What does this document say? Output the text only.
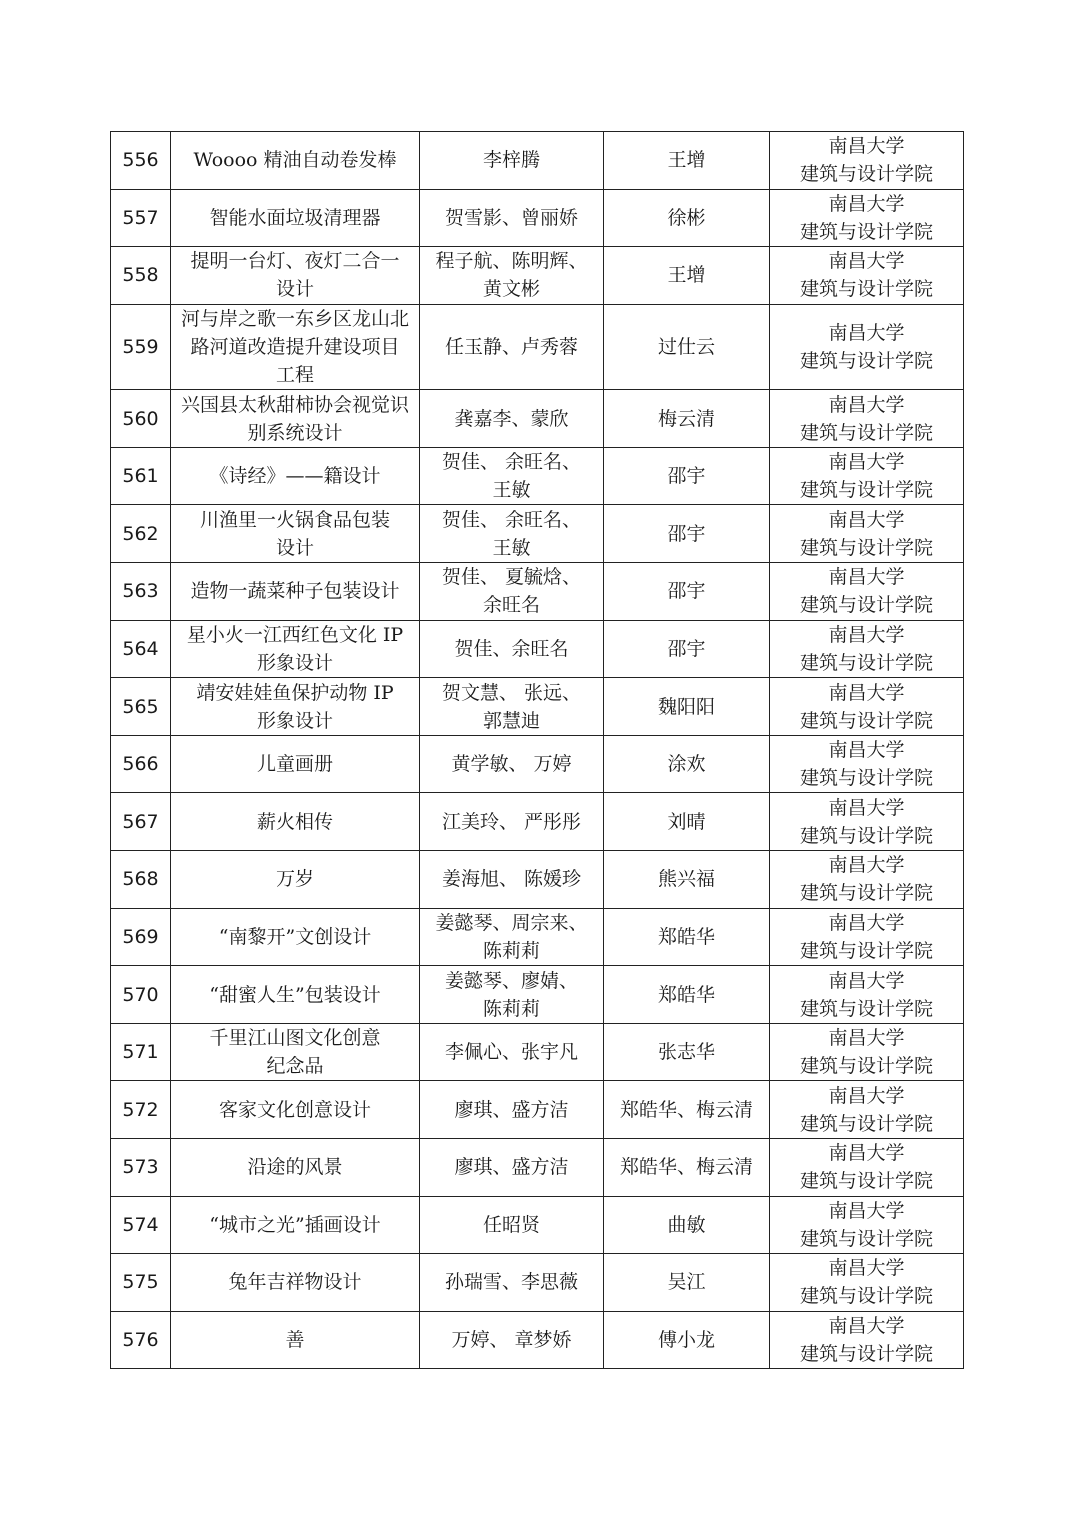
556	Woooo 精油自动卷发棒	李梓腾	王增	南昌大学
建筑与设计学院

557	智能水面垃圾清理器	贺雪影、曾丽娇	徐彬	南昌大学
建筑与设计学院

558	提明一台灯、夜灯二合一
设计	程子航、陈明辉、
黄文彬	王增	南昌大学
建筑与设计学院

559	河与岸之歌一东乡区龙山北
路河道改造提升建设项目
工程	任玉静、卢秀蓉	过仕云	南昌大学
建筑与设计学院

560	兴国县太秋甜柿协会视觉识
别系统设计	龚嘉李、蒙欣	梅云清	南昌大学
建筑与设计学院

561	《诗经》——籍设计	贺佳、 余旺名、
王敏	邵宇	南昌大学
建筑与设计学院

562	川渔里一火锅食品包装
设计	贺佳、 余旺名、
王敏	邵宇	南昌大学
建筑与设计学院

563	造物一蔬菜种子包装设计	贺佳、 夏毓焓、
余旺名	邵宇	南昌大学
建筑与设计学院

564	星小火一江西红色文化 IP
形象设计	贺佳、余旺名	邵宇	南昌大学
建筑与设计学院

565	靖安娃娃鱼保护动物 IP
形象设计	贺文慧、 张远、
郭慧迪	魏阳阳	南昌大学
建筑与设计学院

566	儿童画册	黄学敏、 万婷	涂欢	南昌大学
建筑与设计学院

567	薪火相传	江美玲、 严彤彤	刘晴	南昌大学
建筑与设计学院

568	万岁	姜海旭、 陈媛珍	熊兴福	南昌大学
建筑与设计学院

569	“南黎开”文创设计	姜懿琴、周宗来、
陈莉莉	郑皓华	南昌大学
建筑与设计学院

570	“甜蜜人生”包装设计	姜懿琴、廖婧、
陈莉莉	郑皓华	南昌大学
建筑与设计学院

571	千里江山图文化创意
纪念品	李佩心、张宇凡	张志华	南昌大学
建筑与设计学院

572	客家文化创意设计	廖琪、盛方洁	郑皓华、梅云清	南昌大学
建筑与设计学院

573	沿途的风景	廖琪、盛方洁	郑皓华、梅云清	南昌大学
建筑与设计学院

574	“城市之光”插画设计	任昭贤	曲敏	南昌大学
建筑与设计学院

575	兔年吉祥物设计	孙瑞雪、李思薇	吴江	南昌大学
建筑与设计学院

576	善	万婷、 章梦娇	傅小龙	南昌大学
建筑与设计学院
